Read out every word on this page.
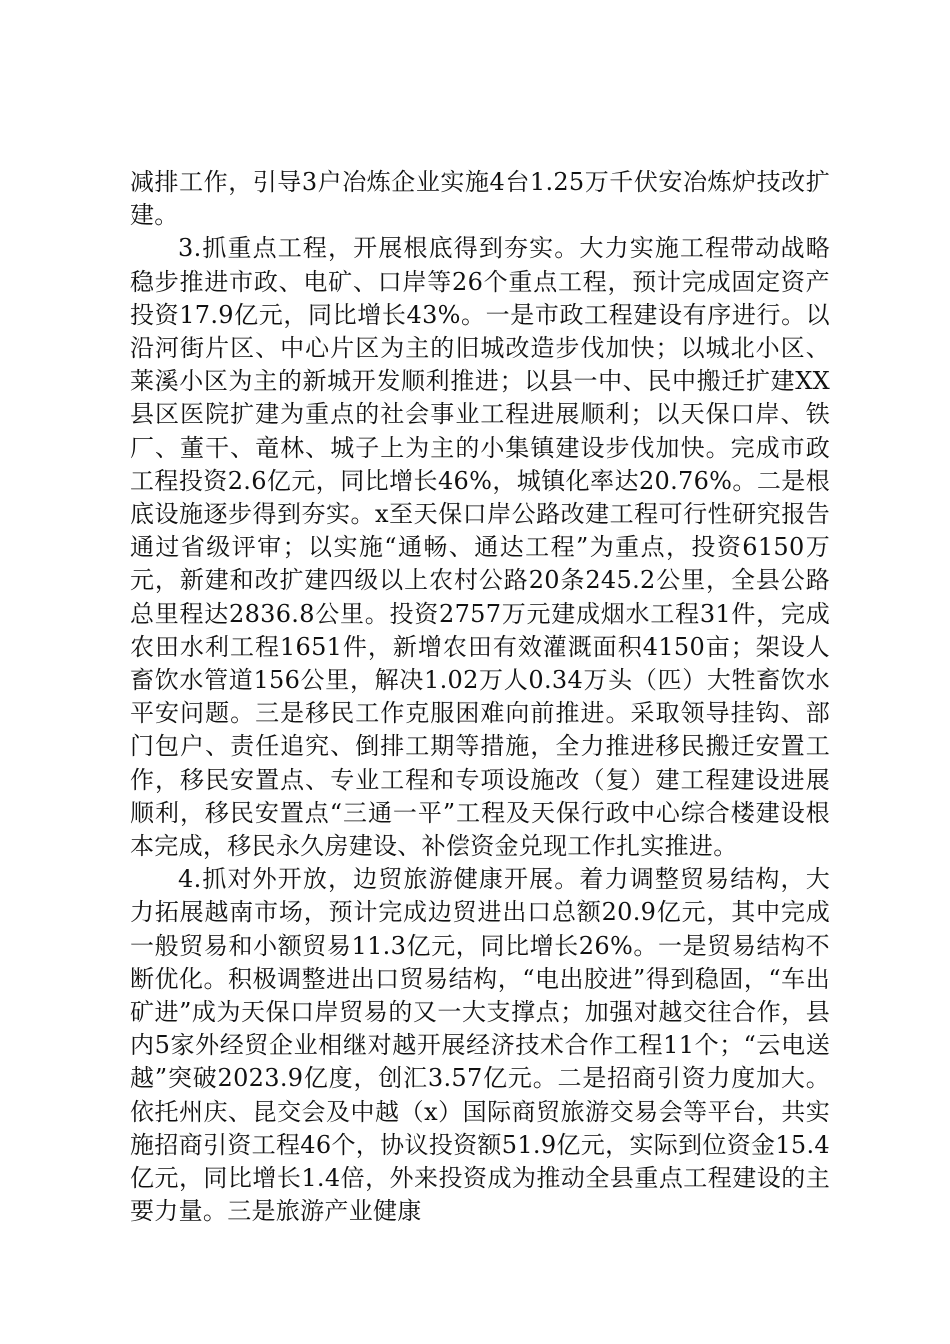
减排工作，引导3户冶炼企业实施4台1.25万千伏安冶炼炉技改扩建。

3.抓重点工程，开展根底得到夯实。大力实施工程带动战略稳步推进市政、电矿、口岸等26个重点工程，预计完成固定资产投资17.9亿元，同比增长43%。一是市政工程建设有序进行。以沿河街片区、中心片区为主的旧城改造步伐加快；以城北小区、莱溪小区为主的新城开发顺利推进；以县一中、民中搬迁扩建XX县区医院扩建为重点的社会事业工程进展顺利；以天保口岸、铁厂、董干、竜林、城子上为主的小集镇建设步伐加快。完成市政工程投资2.6亿元，同比增长46%，城镇化率达20.76%。二是根底设施逐步得到夯实。x至天保口岸公路改建工程可行性研究报告通过省级评审；以实施“通畅、通达工程”为重点，投资6150万元，新建和改扩建四级以上农村公路20条245.2公里，全县公路总里程达2836.8公里。投资2757万元建成烟水工程31件，完成农田水利工程1651件，新增农田有效灌溉面积4150亩；架设人畜饮水管道156公里，解决1.02万人0.34万头（匹）大牲畜饮水平安问题。三是移民工作克服困难向前推进。采取领导挂钩、部门包户、责任追究、倒排工期等措施，全力推进移民搬迁安置工作，移民安置点、专业工程和专项设施改（复）建工程建设进展顺利，移民安置点“三通一平”工程及天保行政中心综合楼建设根本完成，移民永久房建设、补偿资金兑现工作扎实推进。

4.抓对外开放，边贸旅游健康开展。着力调整贸易结构，大力拓展越南市场，预计完成边贸进出口总额20.9亿元，其中完成一般贸易和小额贸易11.3亿元，同比增长26%。一是贸易结构不断优化。积极调整进出口贸易结构，“电出胶进”得到稳固，“车出矿进”成为天保口岸贸易的又一大支撑点；加强对越交往合作，县内5家外经贸企业相继对越开展经济技术合作工程11个；“云电送越”突破2023.9亿度，创汇3.57亿元。二是招商引资力度加大。依托州庆、昆交会及中越（x）国际商贸旅游交易会等平台，共实施招商引资工程46个，协议投资额51.9亿元，实际到位资金15.4亿元，同比增长1.4倍，外来投资成为推动全县重点工程建设的主要力量。三是旅游产业健康
